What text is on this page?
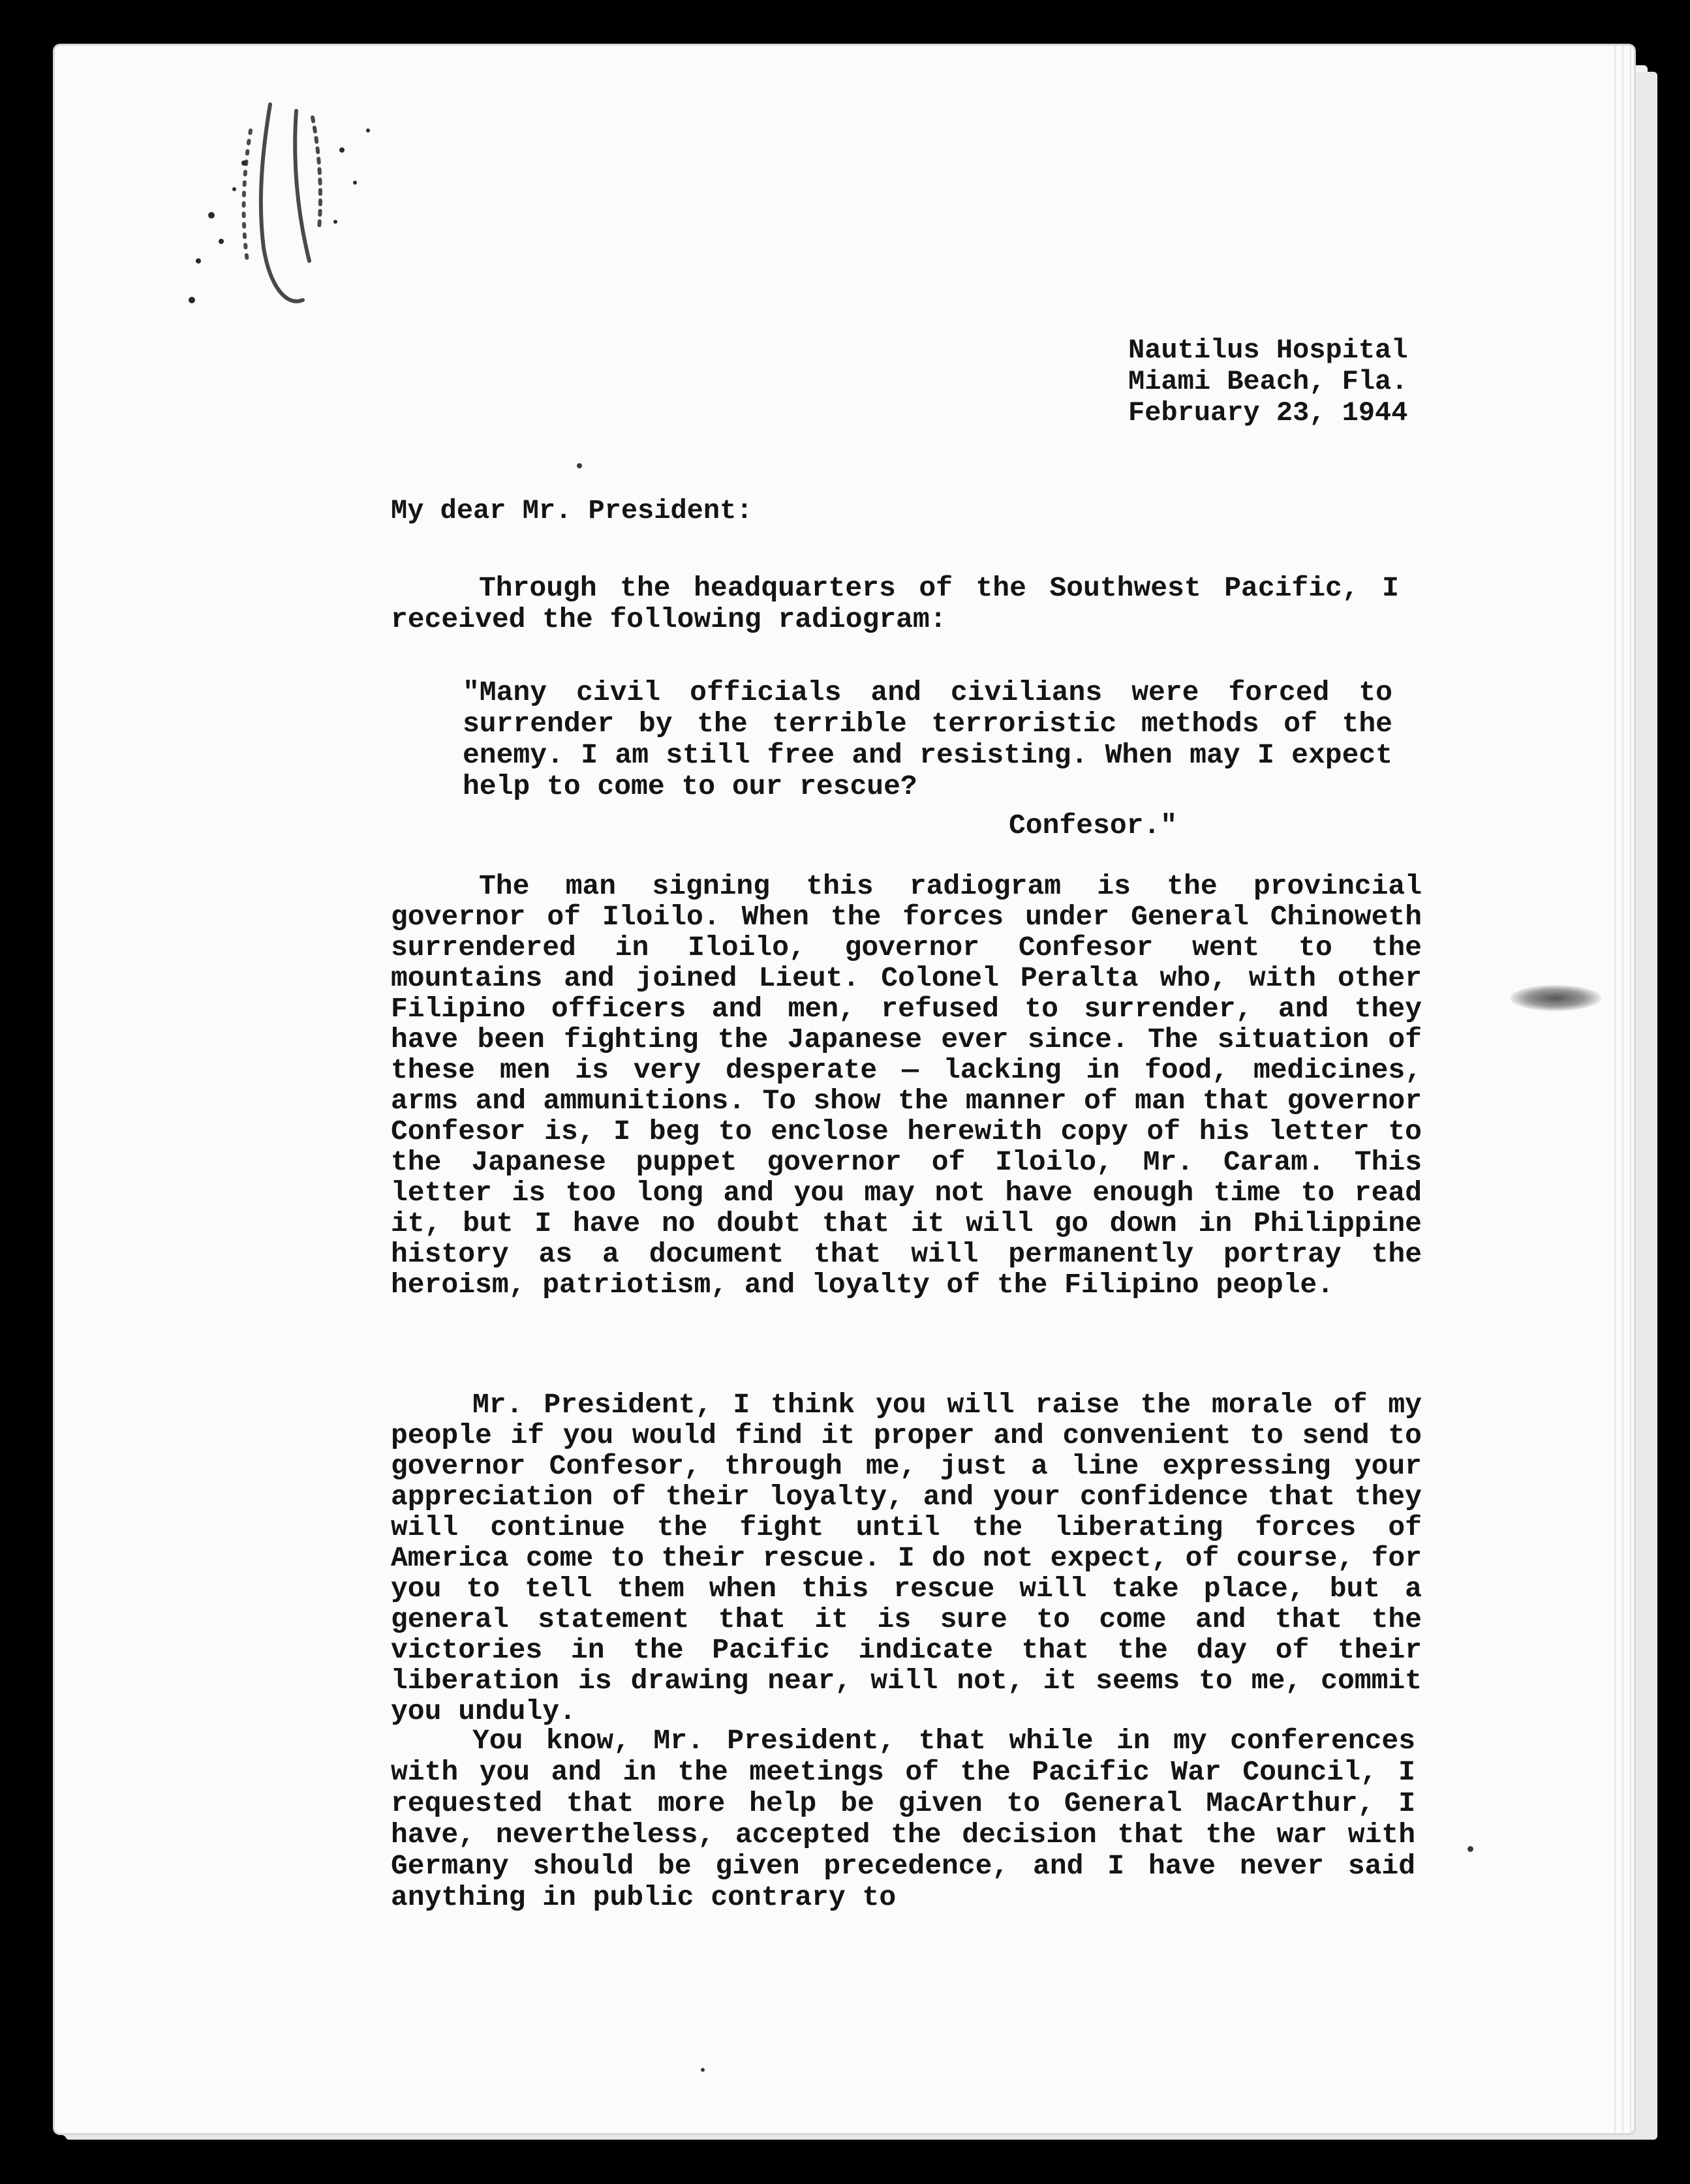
Nautilus Hospital
Miami Beach, Fla.
February 23, 1944
My dear Mr. President:

Through the headquarters of the Southwest Pacific, I received the following radiogram:

"Many civil officials and civilians were forced to surrender by the terrible terroristic methods of the enemy. I am still free and resisting. When may I expect help to come to our rescue?

Confesor."

The man signing this radiogram is the provincial governor of Iloilo. When the forces under General Chinoweth surrendered in Iloilo, governor Confesor went to the mountains and joined Lieut. Colonel Peralta who, with other Filipino officers and men, refused to surrender, and they have been fighting the Japanese ever since. The situation of these men is very desperate — lacking in food, medicines, arms and ammunitions. To show the manner of man that governor Confesor is, I beg to enclose herewith copy of his letter to the Japanese puppet governor of Iloilo, Mr. Caram. This letter is too long and you may not have enough time to read it, but I have no doubt that it will go down in Philippine history as a document that will permanently portray the heroism, patriotism, and loyalty of the Filipino people.

Mr. President, I think you will raise the morale of my people if you would find it proper and convenient to send to governor Confesor, through me, just a line expressing your appreciation of their loyalty, and your confidence that they will continue the fight until the liberating forces of America come to their rescue. I do not expect, of course, for you to tell them when this rescue will take place, but a general statement that it is sure to come and that the victories in the Pacific indicate that the day of their liberation is drawing near, will not, it seems to me, commit you unduly.

You know, Mr. President, that while in my conferences with you and in the meetings of the Pacific War Council, I requested that more help be given to General MacArthur, I have, nevertheless, accepted the decision that the war with Germany should be given precedence, and I have never said anything in public contrary to
